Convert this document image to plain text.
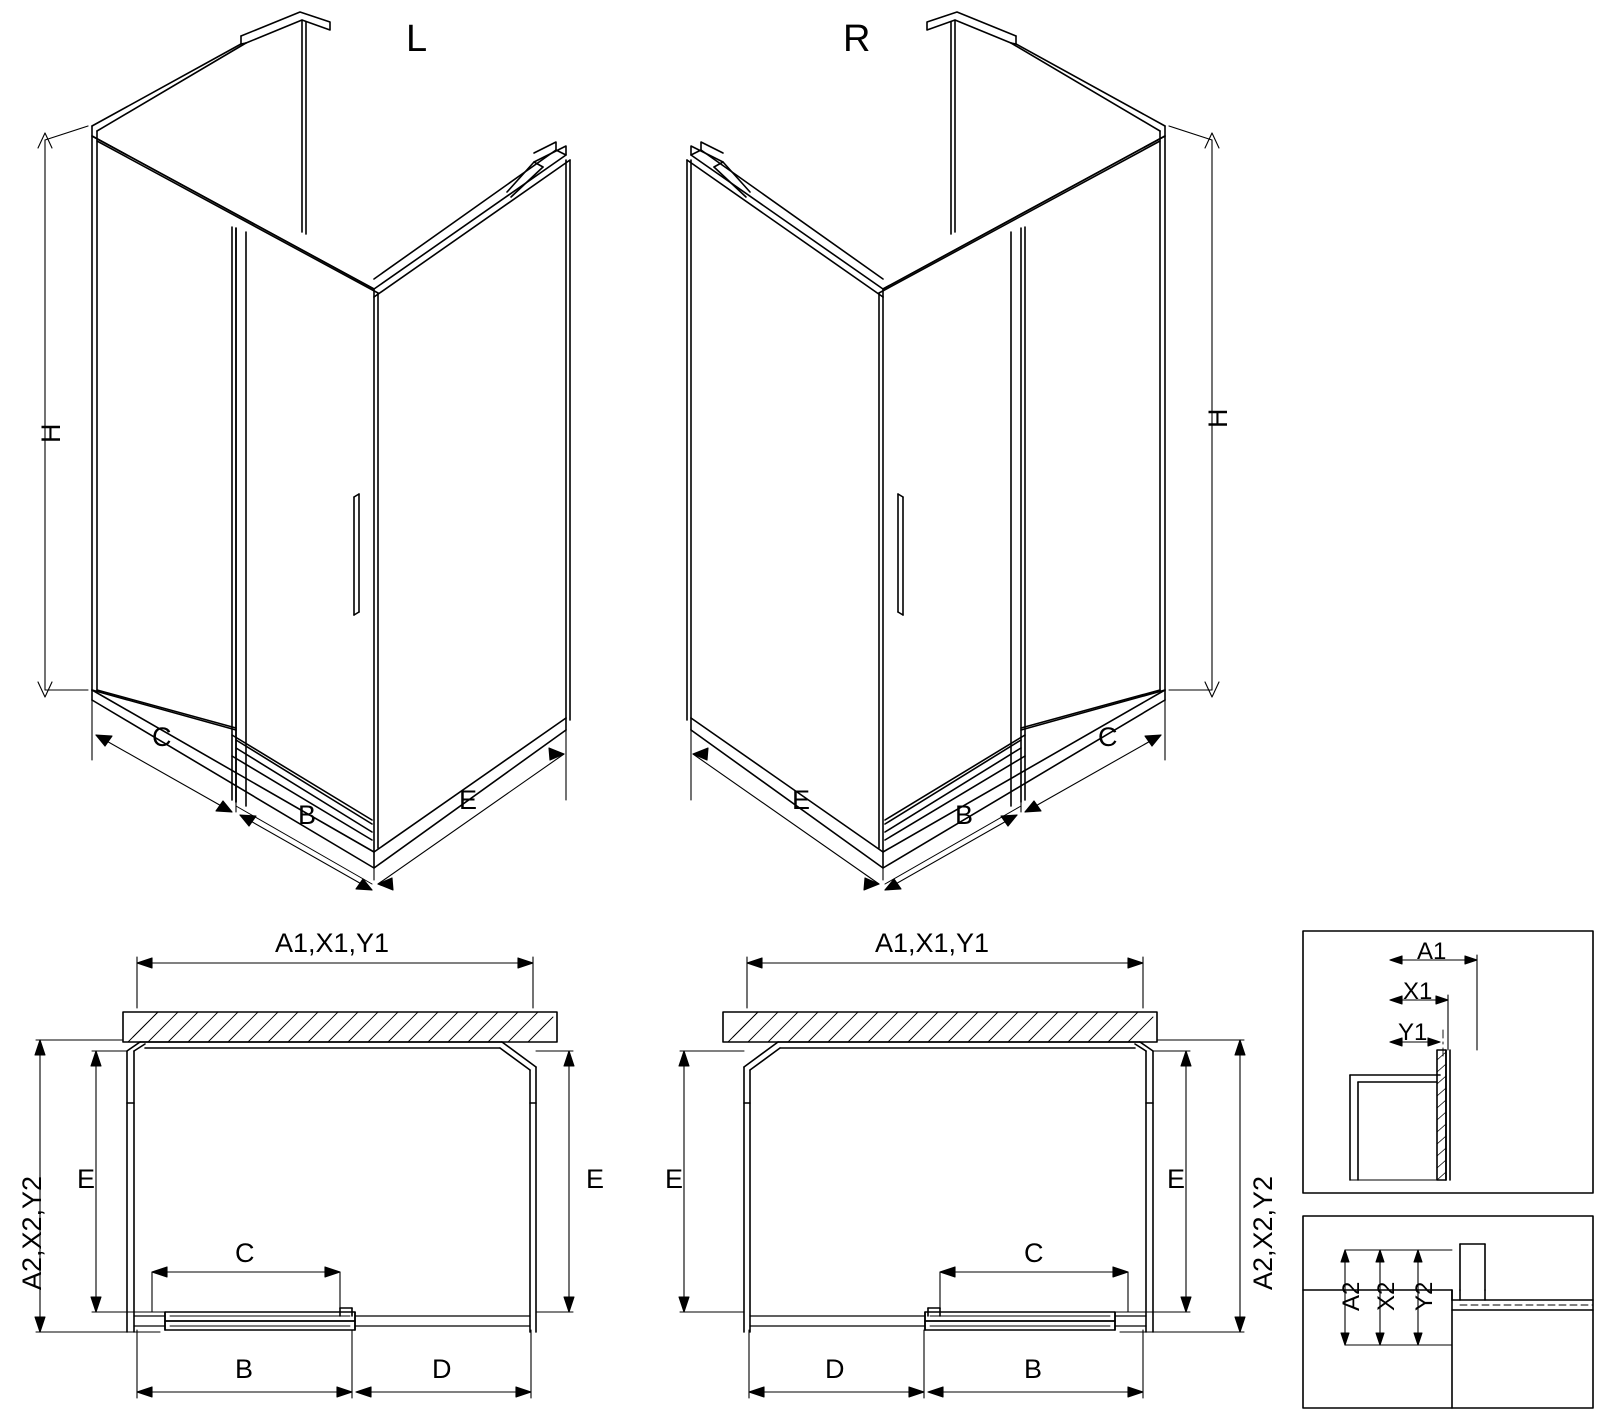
L	R
H
C
B	E
H
C
B
E
A1,X1,Y1
A2,X2,Y2 E	E
C
B	D
A1,X1,Y1
A2,X2,Y2
E	E
C
D	B
A1
X1
Y1
A2 X2 Y2
